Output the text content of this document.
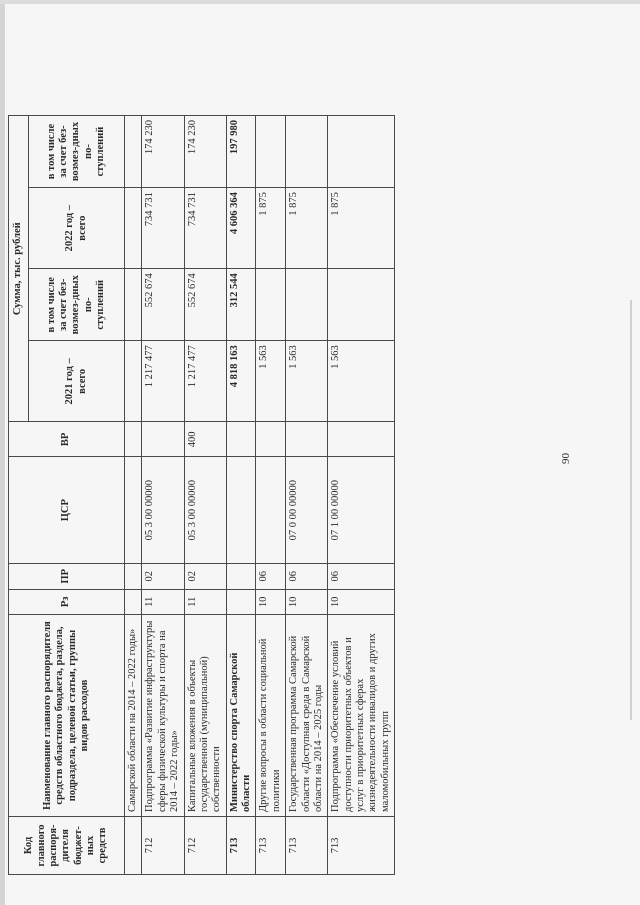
90
Код главного распоря-дителя бюджет-ных средств	Наименование главного распорядителя средств областного бюджета, раздела, подраздела, целевой статьи, группы видов расходов	Рз	ПР	ЦСР	ВР	Сумма, тыс. рублей			
						2021 год – всего	в том числе за счет без-возмез-дных по-ступлений	2022 год – всего	в том числе за счет без-возмез-дных по-ступлений
	Самарской области на 2014 – 2022 годы»								
712	Подпрограмма «Развитие инфраструктуры сферы физической культуры и спорта на 2014 – 2022 годы»	11	02	05 3 00 00000		1 217 477	552 674	734 731	174 230
712	Капитальные вложения в объекты государственной (муниципальной) собственности	11	02	05 3 00 00000	400	1 217 477	552 674	734 731	174 230
713	Министерство спорта Самарской области					4 818 163	312 544	4 606 364	197 980
713	Другие вопросы в области социальной политики	10	06			1 563		1 875	
713	Государственная программа Самарской области «Доступная среда в Самарской области на 2014 – 2025 годы	10	06	07 0 00 00000		1 563		1 875	
713	Подпрограмма «Обеспечение условий доступности приоритетных объектов и услуг в приоритетных сферах жизнедеятельности инвалидов и других маломобильных групп	10	06	07 1 00 00000		1 563		1 875	
